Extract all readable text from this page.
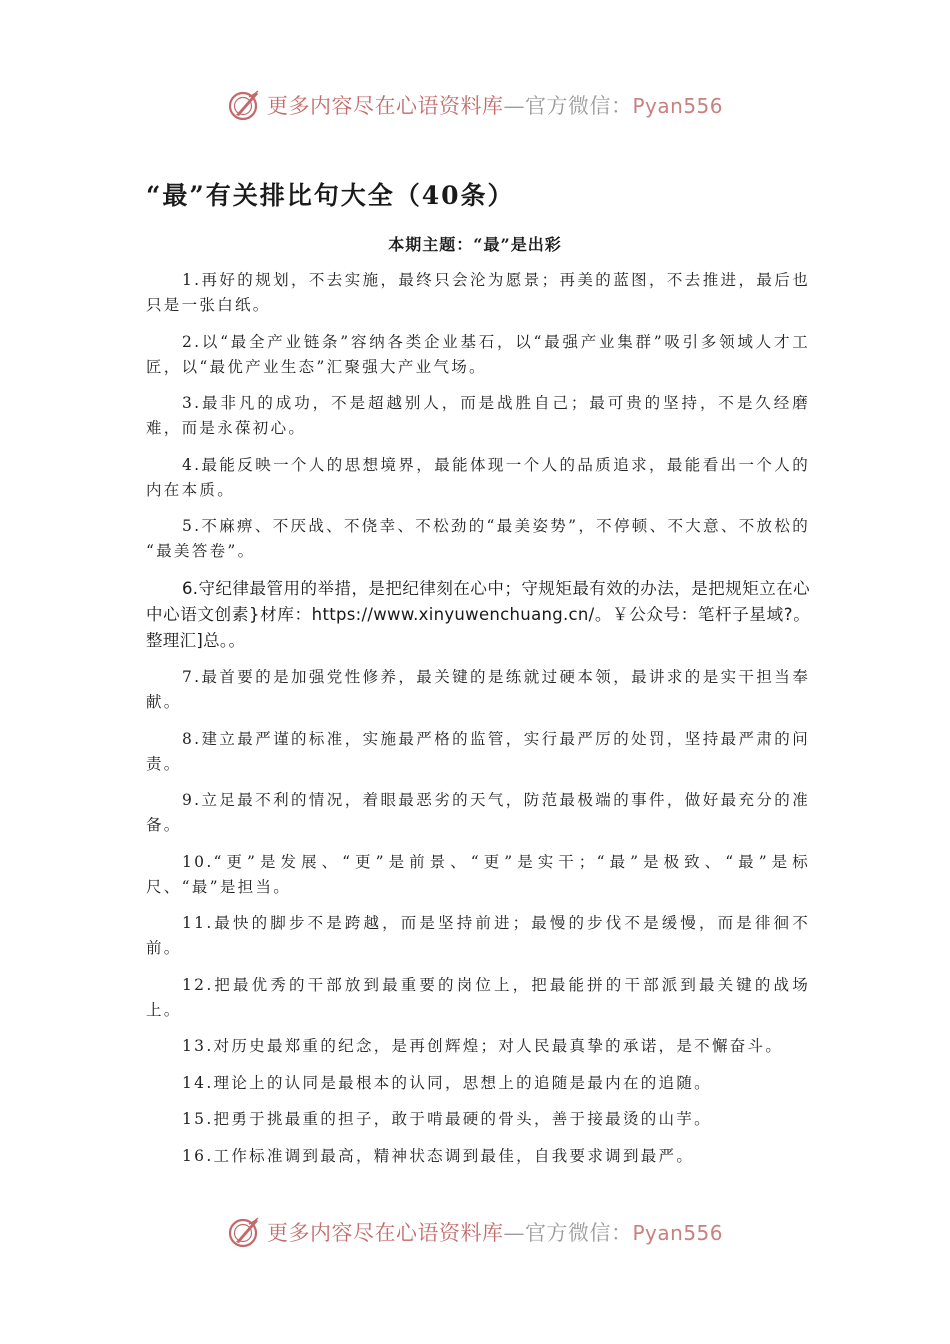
更多内容尽在心语资料库—官方微信：Pyan556
“最”有关排比句大全（40条）
本期主题：“最”是出彩

1.再好的规划，不去实施，最终只会沦为愿景；再美的蓝图，不去推进，最后也只是一张白纸。

2.以“最全产业链条”容纳各类企业基石，以“最强产业集群”吸引多领域人才工匠，以“最优产业生态”汇聚强大产业气场。

3.最非凡的成功，不是超越别人，而是战胜自己；最可贵的坚持，不是久经磨难，而是永葆初心。

4.最能反映一个人的思想境界，最能体现一个人的品质追求，最能看出一个人的内在本质。

5.不麻痹、不厌战、不侥幸、不松劲的“最美姿势”，不停顿、不大意、不放松的 “最美答卷”。

6.守纪律最管用的举措，是把纪律刻在心中；守规矩最有效的办法，是把规矩立在心中心语文创素}材库：https://www.xinyuwenchuang.cn/。￥公众号：笔杆子星域?。整理汇]总。。

7.最首要的是加强党性修养，最关键的是练就过硬本领，最讲求的是实干担当奉献。

8.建立最严谨的标准，实施最严格的监管，实行最严厉的处罚，坚持最严肃的问责。

9.立足最不利的情况，着眼最恶劣的天气，防范最极端的事件，做好最充分的准备。

10.“更”是发展、“更”是前景、“更”是实干；“最”是极致、“最”是标尺、“最”是担当。

11.最快的脚步不是跨越，而是坚持前进；最慢的步伐不是缓慢，而是徘徊不前。

12.把最优秀的干部放到最重要的岗位上，把最能拼的干部派到最关键的战场上。

13.对历史最郑重的纪念，是再创辉煌；对人民最真挚的承诺，是不懈奋斗。

14.理论上的认同是最根本的认同，思想上的追随是最内在的追随。

15.把勇于挑最重的担子，敢于啃最硬的骨头，善于接最烫的山芋。

16.工作标准调到最高，精神状态调到最佳，自我要求调到最严。

更多内容尽在心语资料库—官方微信：Pyan556
